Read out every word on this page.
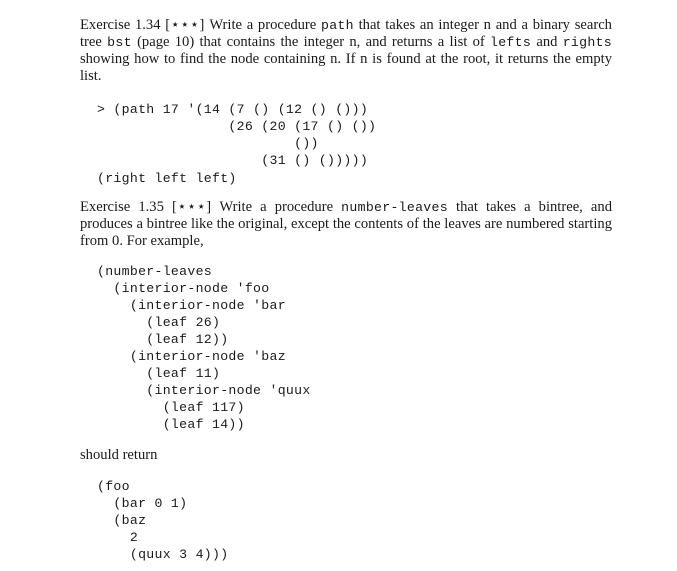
Exercise 1.34 [⋆⋆⋆] Write a procedure path that takes an integer n and a binary search tree bst (page 10) that contains the integer n, and returns a list of lefts and rights showing how to find the node containing n. If n is found at the root, it returns the empty list.

> (path 17 '(14 (7 () (12 () ()))
(26 (20 (17 () ())
())
(31 () ()))))
(right left left)

Exercise 1.35 [⋆⋆⋆] Write a procedure number-leaves that takes a bintree, and produces a bintree like the original, except the contents of the leaves are numbered starting from 0. For example,

(number-leaves
(interior-node 'foo
(interior-node 'bar
(leaf 26)
(leaf 12))
(interior-node 'baz
(leaf 11)
(interior-node 'quux
(leaf 117)
(leaf 14))

should return

(foo
(bar 0 1)
(baz
2
(quux 3 4)))
